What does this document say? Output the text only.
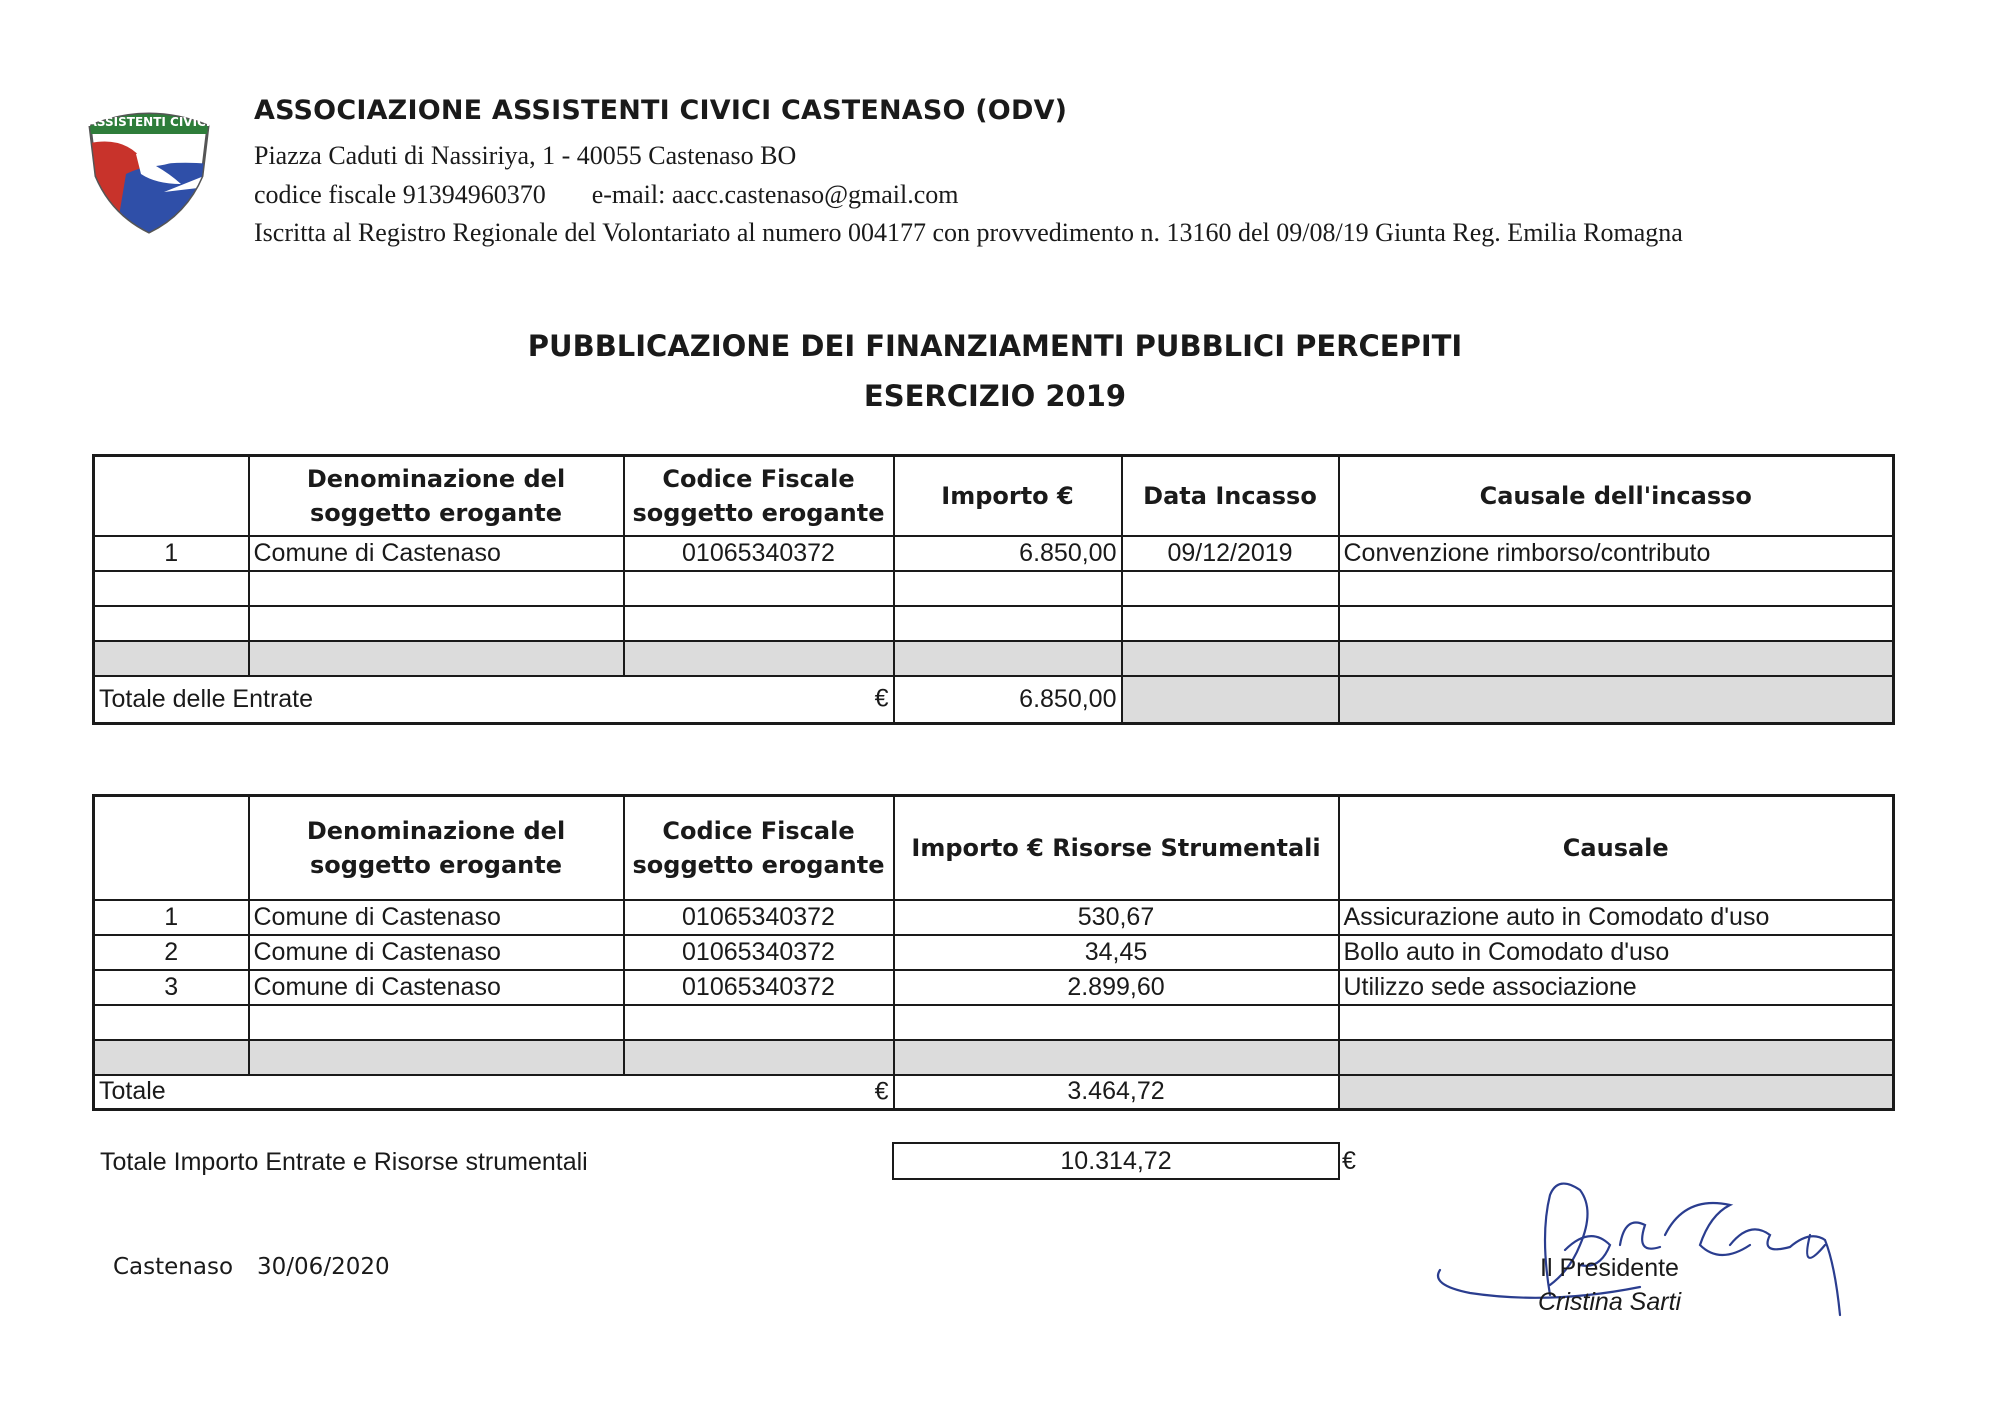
ASSISTENTI CIVICI ASSOCIAZIONE ASSISTENTI CIVICI CASTENASO (ODV)
Piazza Caduti di Nassiriya, 1 - 40055 Castenaso BO
codice fiscale 91394960370 e-mail: aacc.castenaso@gmail.com
Iscritta al Registro Regionale del Volontariato al numero 004177 con provvedimento n. 13160 del 09/08/19 Giunta Reg. Emilia Romagna
PUBBLICAZIONE DEI FINANZIAMENTI PUBBLICI PERCEPITI
ESERCIZIO 2019
	Denominazione del soggetto erogante	Codice Fiscale soggetto erogante	Importo €	Data Incasso	Causale dell'incasso
1	Comune di Castenaso	01065340372	6.850,00	09/12/2019	Convenzione rimborso/contributo

Totale delle Entrate €			6.850,00		
	Denominazione del soggetto erogante	Codice Fiscale soggetto erogante	Importo € Risorse Strumentali	Causale
1	Comune di Castenaso	01065340372	530,67	Assicurazione auto in Comodato d'uso
2	Comune di Castenaso	01065340372	34,45	Bollo auto in Comodato d'uso
3	Comune di Castenaso	01065340372	2.899,60	Utilizzo sede associazione

Totale €			3.464,72	
Totale Importo Entrate e Risorse strumentali	10.314,72	€
Castenaso 30/06/2020	Il Presidente
Cristina Sarti
